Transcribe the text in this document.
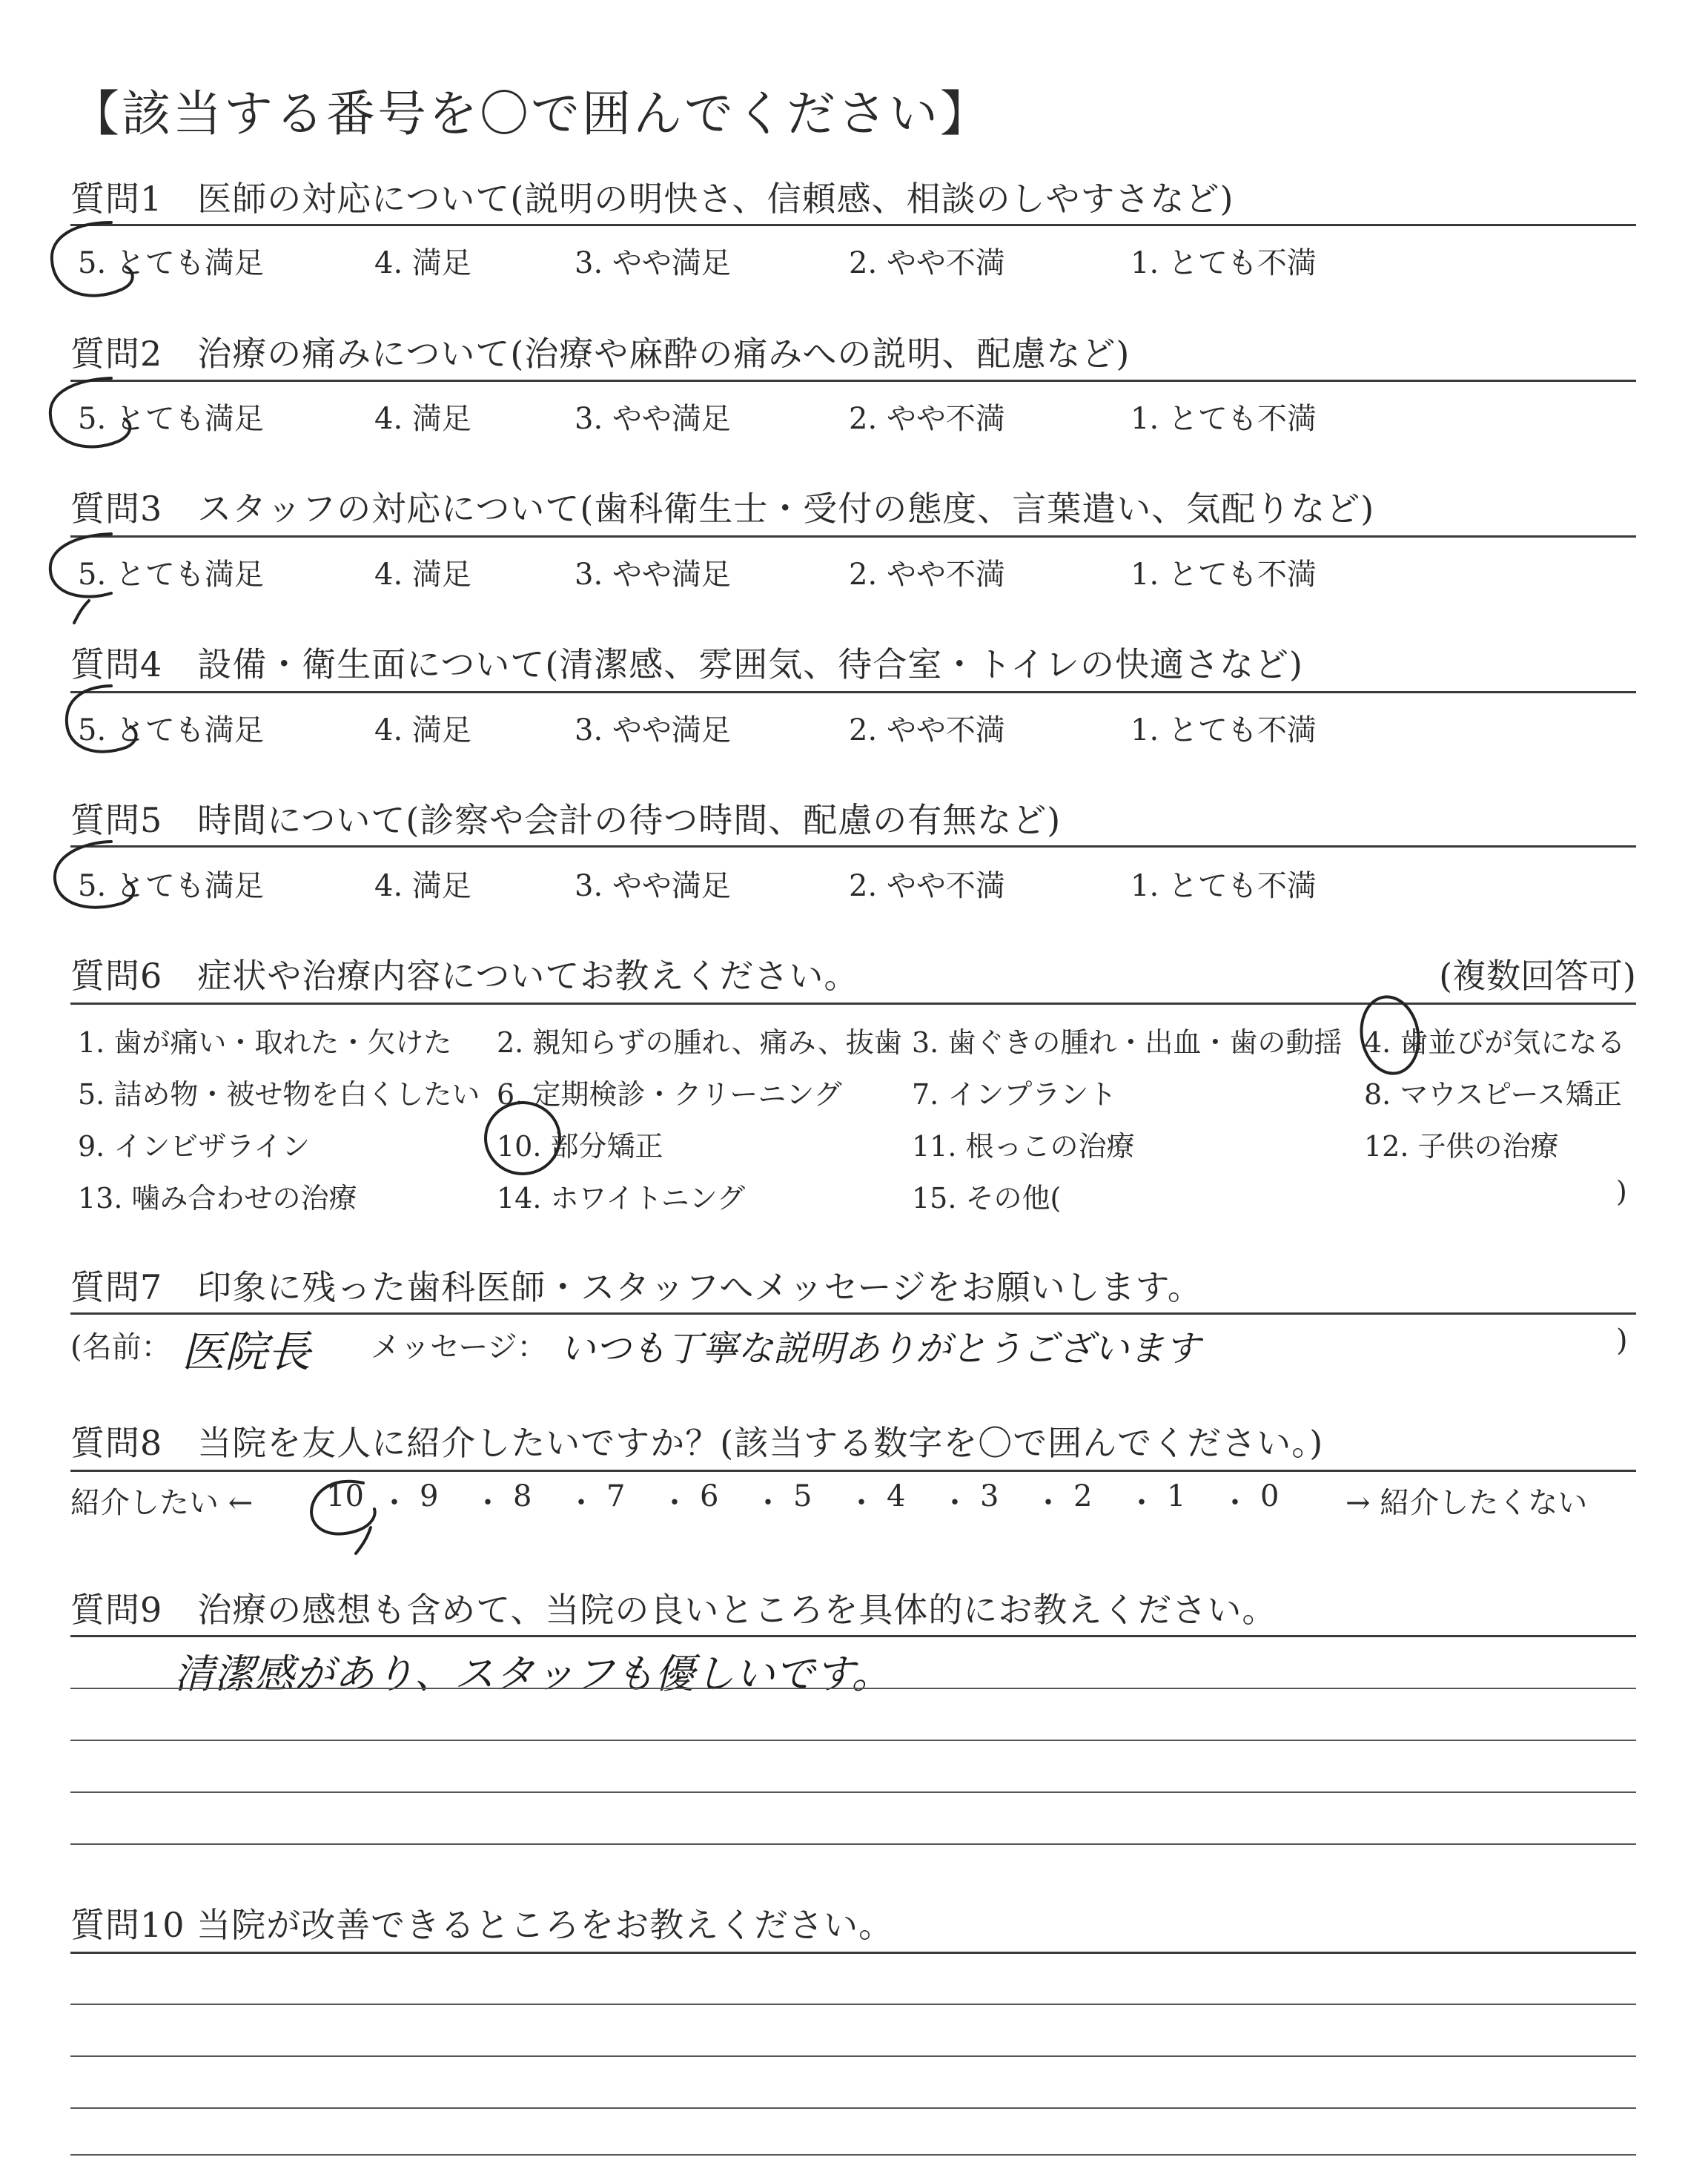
【該当する番号を〇で囲んでください】
質問1　医師の対応について(説明の明快さ、信頼感、相談のしやすさなど)
5. とても満足	4. 満足	3. やや満足	2. やや不満	1. とても不満
質問2　治療の痛みについて(治療や麻酔の痛みへの説明、配慮など)
5. とても満足	4. 満足	3. やや満足	2. やや不満	1. とても不満
質問3　スタッフの対応について(歯科衛生士・受付の態度、言葉遣い、気配りなど)
5. とても満足	4. 満足	3. やや満足	2. やや不満	1. とても不満
質問4　設備・衛生面について(清潔感、雰囲気、待合室・トイレの快適さなど)
5. とても満足	4. 満足	3. やや満足	2. やや不満	1. とても不満
質問5　時間について(診察や会計の待つ時間、配慮の有無など)
5. とても満足	4. 満足	3. やや満足	2. やや不満	1. とても不満
質問6　症状や治療内容についてお教えください。	(複数回答可)
1. 歯が痛い・取れた・欠けた 2. 親知らずの腫れ、痛み、抜歯 3. 歯ぐきの腫れ・出血・歯の動揺 4. 歯並びが気になる
5. 詰め物・被せ物を白くしたい 6. 定期検診・クリーニング 7. インプラント	8. マウスピース矯正
9. インビザライン	10. 部分矯正	11. 根っこの治療	12. 子供の治療
13. 噛み合わせの治療	14. ホワイトニング	15. その他(	)
質問7　印象に残った歯科医師・スタッフへメッセージをお願いします。
(名前： 医院長 メッセージ： いつも丁寧な説明ありがとうございます	)
質問8　当院を友人に紹介したいですか？(該当する数字を〇で囲んでください。)
紹介したい ← 10 ・ 9 ・ 8 ・ 7 ・ 6 ・ 5 ・ 4 ・ 3 ・ 2 ・ 1 ・ 0 → 紹介したくない
質問9　治療の感想も含めて、当院の良いところを具体的にお教えください。
清潔感があり、スタッフも優しいです。
質問10 当院が改善できるところをお教えください。
